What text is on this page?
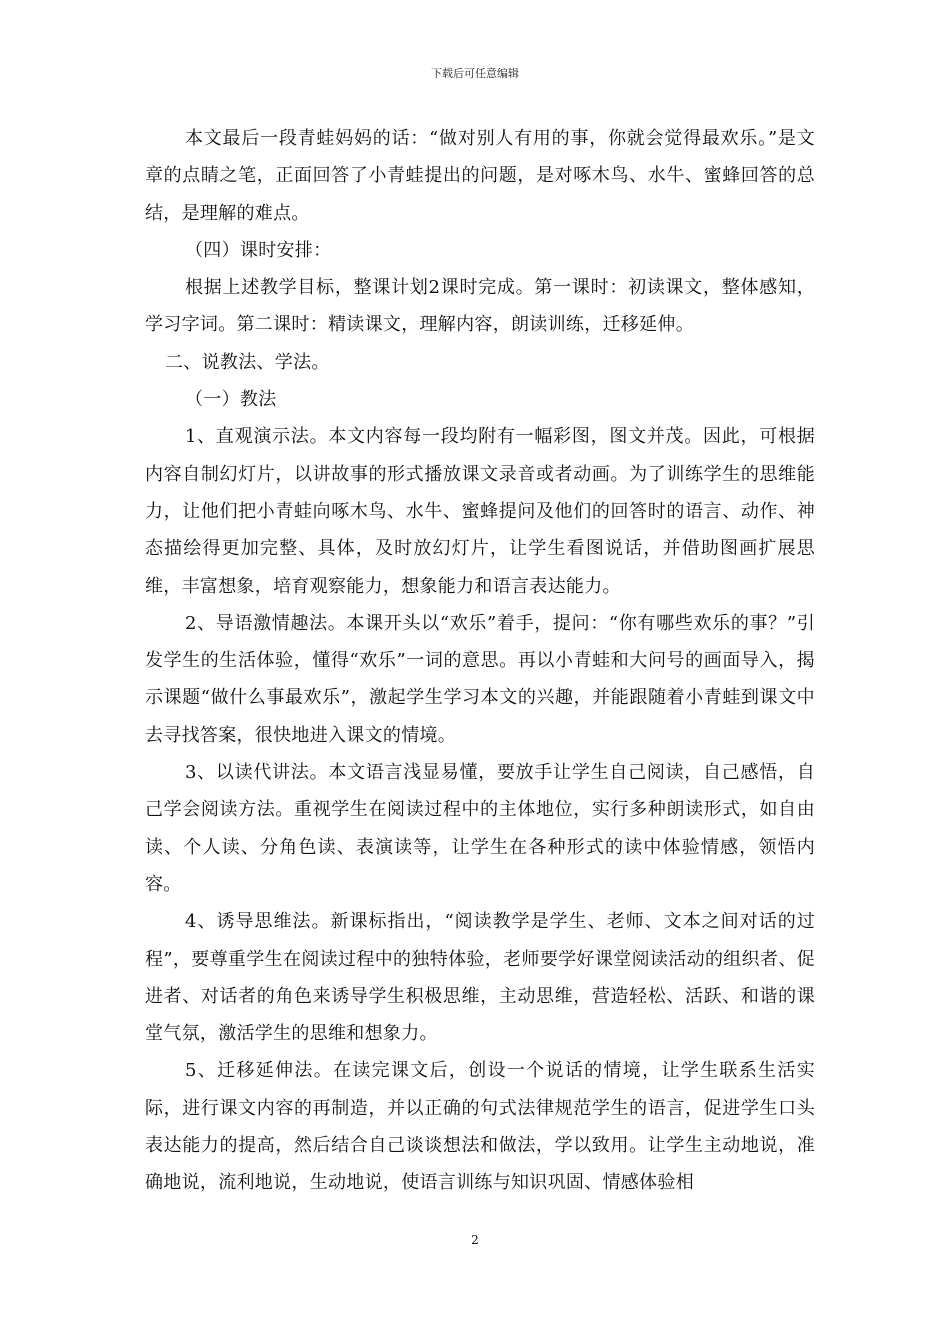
下载后可任意编辑

本文最后一段青蛙妈妈的话：“做对别人有用的事，你就会觉得最欢乐。”是文章的点睛之笔，正面回答了小青蛙提出的问题，是对啄木鸟、水牛、蜜蜂回答的总结，是理解的难点。

（四）课时安排：

根据上述教学目标，整课计划2课时完成。第一课时：初读课文，整体感知，学习字词。第二课时：精读课文，理解内容，朗读训练，迁移延伸。

二、说教法、学法。

（一）教法

1、直观演示法。本文内容每一段均附有一幅彩图，图文并茂。因此，可根据内容自制幻灯片，以讲故事的形式播放课文录音或者动画。为了训练学生的思维能力，让他们把小青蛙向啄木鸟、水牛、蜜蜂提问及他们的回答时的语言、动作、神态描绘得更加完整、具体，及时放幻灯片，让学生看图说话，并借助图画扩展思维，丰富想象，培育观察能力，想象能力和语言表达能力。

2、导语激情趣法。本课开头以“欢乐”着手，提问：“你有哪些欢乐的事？”引发学生的生活体验，懂得“欢乐”一词的意思。再以小青蛙和大问号的画面导入，揭示课题“做什么事最欢乐”，激起学生学习本文的兴趣，并能跟随着小青蛙到课文中去寻找答案，很快地进入课文的情境。

3、以读代讲法。本文语言浅显易懂，要放手让学生自己阅读，自己感悟，自己学会阅读方法。重视学生在阅读过程中的主体地位，实行多种朗读形式，如自由读、个人读、分角色读、表演读等，让学生在各种形式的读中体验情感，领悟内容。

4、诱导思维法。新课标指出，“阅读教学是学生、老师、文本之间对话的过程”，要尊重学生在阅读过程中的独特体验，老师要学好课堂阅读活动的组织者、促进者、对话者的角色来诱导学生积极思维，主动思维，营造轻松、活跃、和谐的课堂气氛，激活学生的思维和想象力。

5、迁移延伸法。在读完课文后，创设一个说话的情境，让学生联系生活实际，进行课文内容的再制造，并以正确的句式法律规范学生的语言，促进学生口头表达能力的提高，然后结合自己谈谈想法和做法，学以致用。让学生主动地说，准确地说，流利地说，生动地说，使语言训练与知识巩固、情感体验相

2
